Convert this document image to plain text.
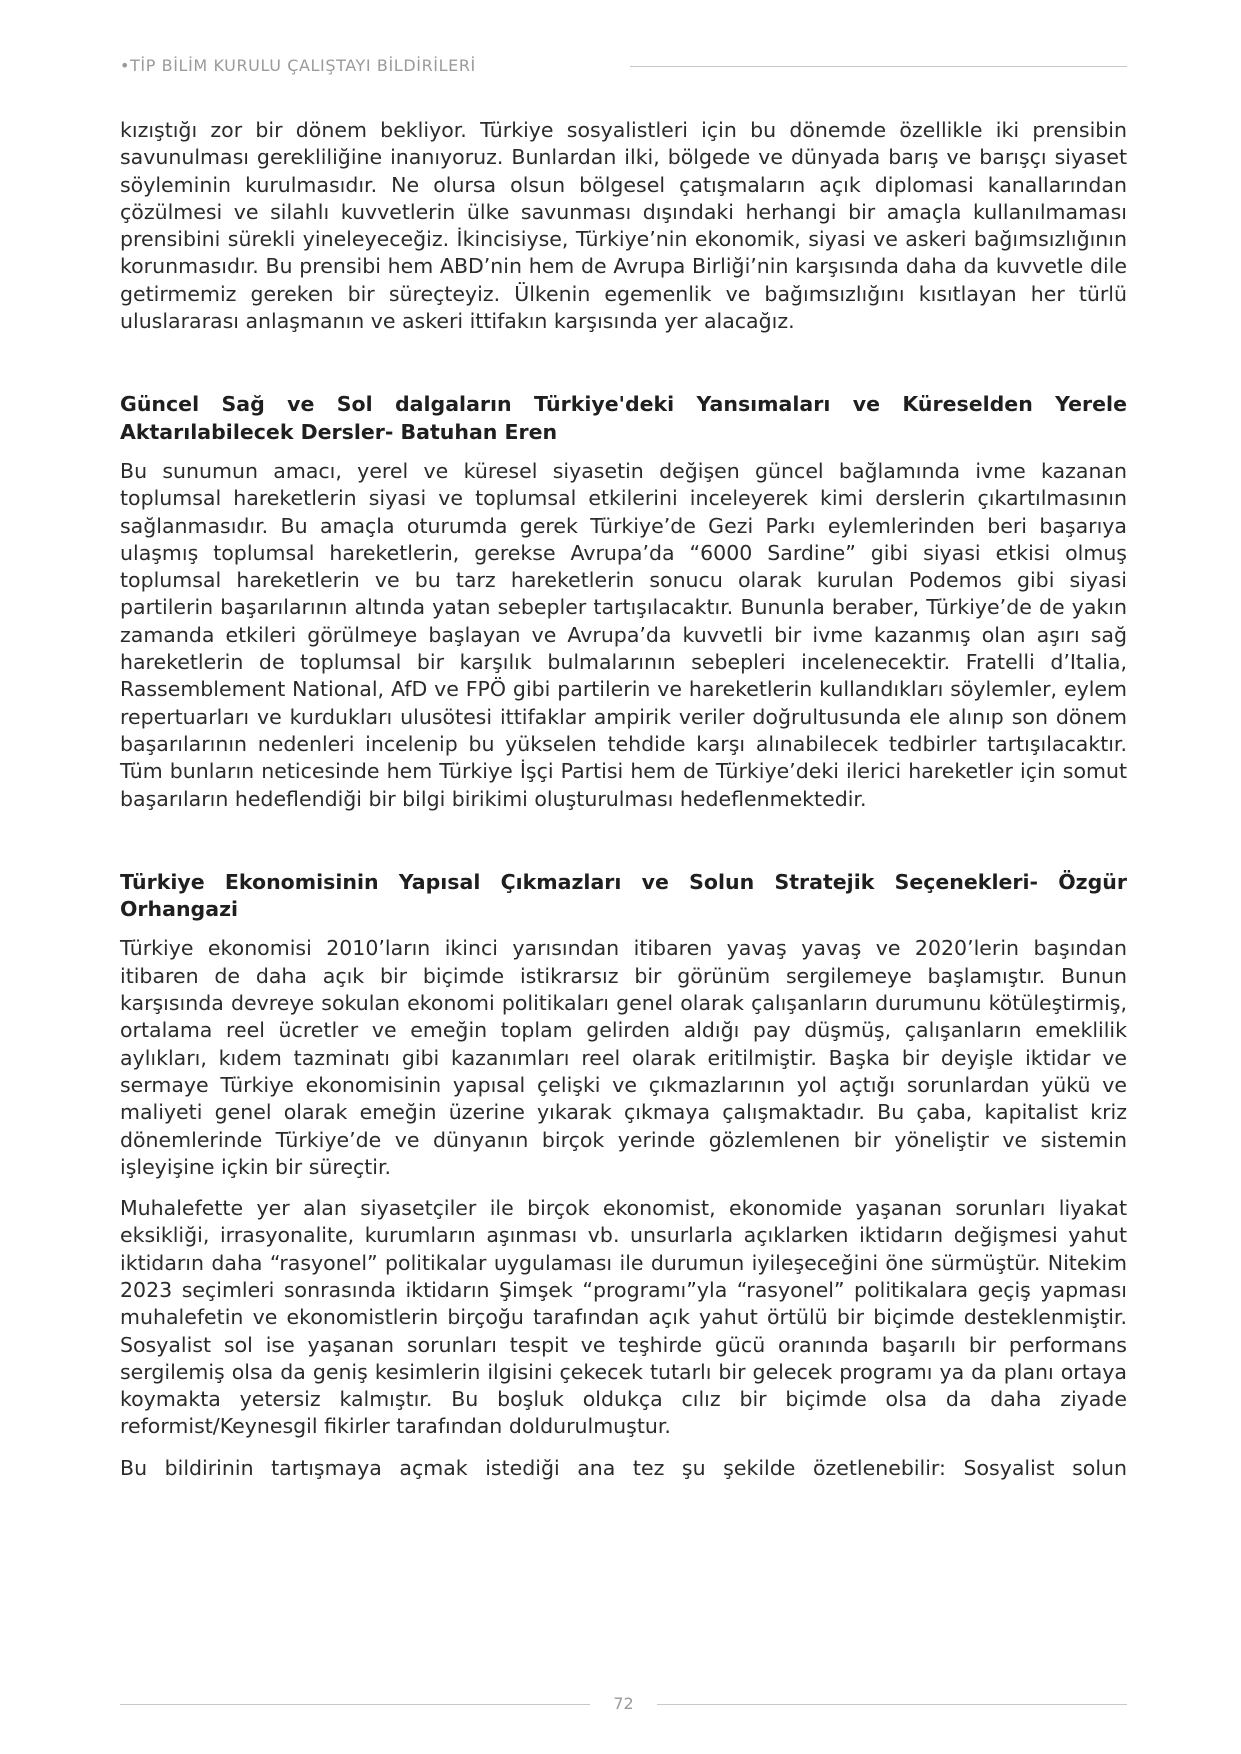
•TİP BİLİM KURULU ÇALIŞTAYI BİLDİRİLERİ

kızıştığı zor bir dönem bekliyor. Türkiye sosyalistleri için bu dönemde özellikle iki prensibin savunulması gerekliliğine inanıyoruz. Bunlardan ilki, bölgede ve dünyada barış ve barışçı siyaset söyleminin kurulmasıdır. Ne olursa olsun bölgesel çatışmaların açık diplomasi kanallarından çözülmesi ve silahlı kuvvetlerin ülke savunması dışındaki herhangi bir amaçla kullanılmaması prensibini sürekli yineleyeceğiz. İkincisiyse, Türkiye’nin ekonomik, siyasi ve askeri bağımsızlığının korunmasıdır. Bu prensibi hem ABD’nin hem de Avrupa Birliği’nin karşısında daha da kuvvetle dile getirmemiz gereken bir süreçteyiz. Ülkenin egemenlik ve bağımsızlığını kısıtlayan her türlü uluslararası anlaşmanın ve askeri ittifakın karşısında yer alacağız.

Güncel Sağ ve Sol dalgaların Türkiye'deki Yansımaları ve Küreselden Yerele Aktarılabilecek Dersler- Batuhan Eren

Bu sunumun amacı, yerel ve küresel siyasetin değişen güncel bağlamında ivme kazanan toplumsal hareketlerin siyasi ve toplumsal etkilerini inceleyerek kimi derslerin çıkartılmasının sağlanmasıdır. Bu amaçla oturumda gerek Türkiye’de Gezi Parkı eylemlerinden beri başarıya ulaşmış toplumsal hareketlerin, gerekse Avrupa’da “6000 Sardine” gibi siyasi etkisi olmuş toplumsal hareketlerin ve bu tarz hareketlerin sonucu olarak kurulan Podemos gibi siyasi partilerin başarılarının altında yatan sebepler tartışılacaktır. Bununla beraber, Türkiye’de de yakın zamanda etkileri görülmeye başlayan ve Avrupa’da kuvvetli bir ivme kazanmış olan aşırı sağ hareketlerin de toplumsal bir karşılık bulmalarının sebepleri incelenecektir. Fratelli d’Italia, Rassemblement National, AfD ve FPÖ gibi partilerin ve hareketlerin kullandıkları söylemler, eylem repertuarları ve kurdukları ulusötesi ittifaklar ampirik veriler doğrultusunda ele alınıp son dönem başarılarının nedenleri incelenip bu yükselen tehdide karşı alınabilecek tedbirler tartışılacaktır. Tüm bunların neticesinde hem Türkiye İşçi Partisi hem de Türkiye’deki ilerici hareketler için somut başarıların hedeflendiği bir bilgi birikimi oluşturulması hedeflenmektedir.

Türkiye Ekonomisinin Yapısal Çıkmazları ve Solun Stratejik Seçenekleri- Özgür Orhangazi

Türkiye ekonomisi 2010’ların ikinci yarısından itibaren yavaş yavaş ve 2020’lerin başından itibaren de daha açık bir biçimde istikrarsız bir görünüm sergilemeye başlamıştır. Bunun karşısında devreye sokulan ekonomi politikaları genel olarak çalışanların durumunu kötüleştirmiş, ortalama reel ücretler ve emeğin toplam gelirden aldığı pay düşmüş, çalışanların emeklilik aylıkları, kıdem tazminatı gibi kazanımları reel olarak eritilmiştir. Başka bir deyişle iktidar ve sermaye Türkiye ekonomisinin yapısal çelişki ve çıkmazlarının yol açtığı sorunlardan yükü ve maliyeti genel olarak emeğin üzerine yıkarak çıkmaya çalışmaktadır. Bu çaba, kapitalist kriz dönemlerinde Türkiye’de ve dünyanın birçok yerinde gözlemlenen bir yöneliştir ve sistemin işleyişine içkin bir süreçtir.

Muhalefette yer alan siyasetçiler ile birçok ekonomist, ekonomide yaşanan sorunları liyakat eksikliği, irrasyonalite, kurumların aşınması vb. unsurlarla açıklarken iktidarın değişmesi yahut iktidarın daha “rasyonel” politikalar uygulaması ile durumun iyileşeceğini öne sürmüştür. Nitekim 2023 seçimleri sonrasında iktidarın Şimşek “programı”yla “rasyonel” politikalara geçiş yapması muhalefetin ve ekonomistlerin birçoğu tarafından açık yahut örtülü bir biçimde desteklenmiştir. Sosyalist sol ise yaşanan sorunları tespit ve teşhirde gücü oranında başarılı bir performans sergilemiş olsa da geniş kesimlerin ilgisini çekecek tutarlı bir gelecek programı ya da planı ortaya koymakta yetersiz kalmıştır. Bu boşluk oldukça cılız bir biçimde olsa da daha ziyade reformist/Keynesgil fikirler tarafından doldurulmuştur.

Bu bildirinin tartışmaya açmak istediği ana tez şu şekilde özetlenebilir: Sosyalist solun

72
